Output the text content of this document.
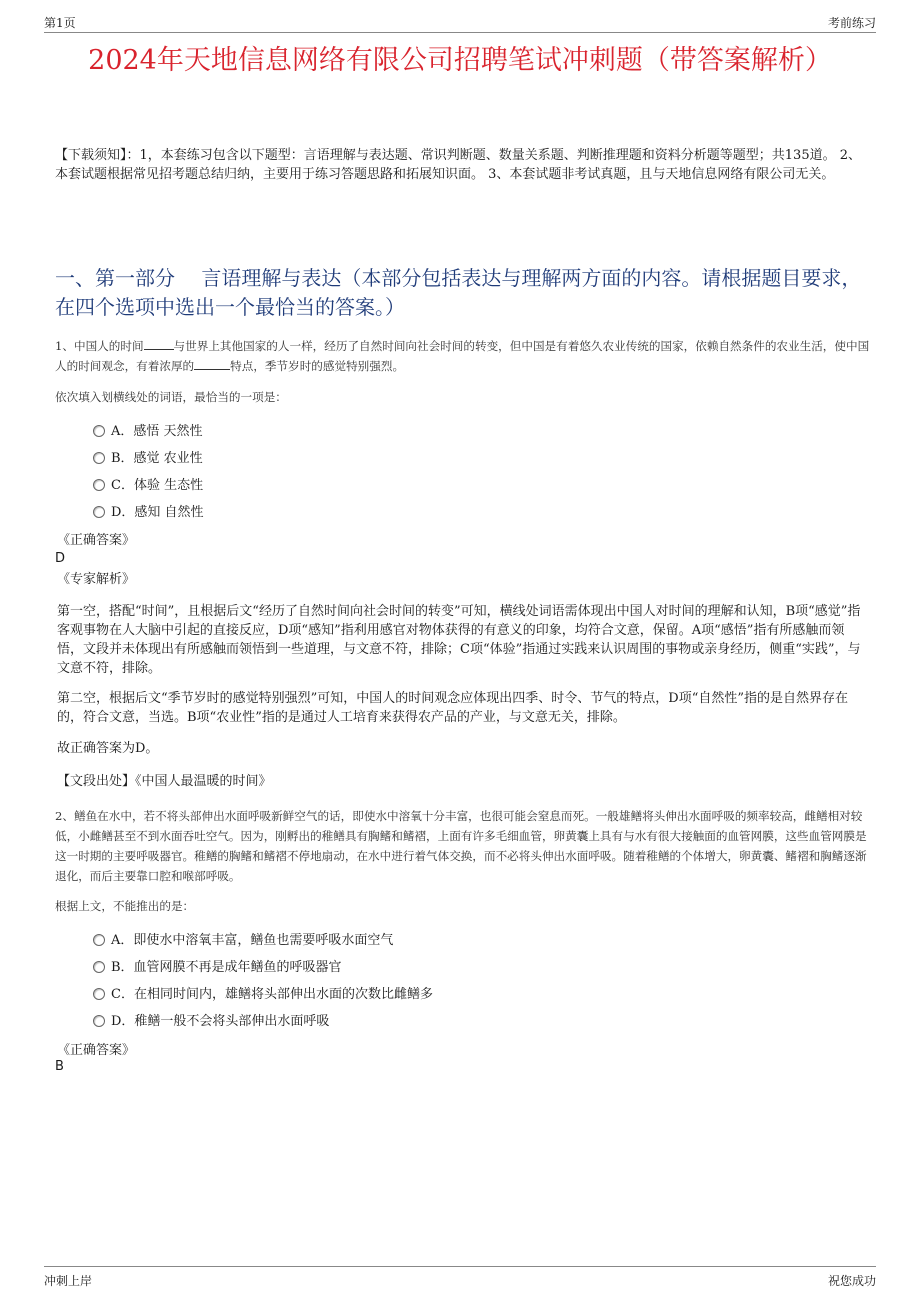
第1页	考前练习
2024年天地信息网络有限公司招聘笔试冲刺题（带答案解析）
【下载须知】：1，本套练习包含以下题型：言语理解与表达题、常识判断题、数量关系题、判断推理题和资料分析题等题型；共135道。 2、本套试题根据常见招考题总结归纳，主要用于练习答题思路和拓展知识面。 3、本套试题非考试真题，且与天地信息网络有限公司无关。
一、第一部分　 言语理解与表达（本部分包括表达与理解两方面的内容。请根据题目要求，在四个选项中选出一个最恰当的答案。）
1、中国人的时间	与世界上其他国家的人一样，经历了自然时间向社会时间的转变，但中国是有着悠久农业传统的国家，依赖自然条件的农业生活，使中国人的时间观念，有着浓厚的	特点，季节岁时的感觉特别强烈。
依次填入划横线处的词语，最恰当的一项是：
A．感悟 天然性
B．感觉 农业性
C．体验 生态性
D．感知 自然性
《正确答案》
D
《专家解析》
第一空，搭配“时间”，且根据后文“经历了自然时间向社会时间的转变”可知，横线处词语需体现出中国人对时间的理解和认知，B项“感觉”指客观事物在人大脑中引起的直接反应，D项“感知”指利用感官对物体获得的有意义的印象，均符合文意，保留。A项“感悟”指有所感触而领悟，文段并未体现出有所感触而领悟到一些道理，与文意不符，排除；C项“体验”指通过实践来认识周围的事物或亲身经历，侧重“实践”，与文意不符，排除。
第二空，根据后文“季节岁时的感觉特别强烈”可知，中国人的时间观念应体现出四季、时令、节气的特点，D项“自然性”指的是自然界存在的，符合文意，当选。B项“农业性”指的是通过人工培育来获得农产品的产业，与文意无关，排除。
故正确答案为D。
【文段出处】《中国人最温暖的时间》
2、鳝鱼在水中，若不将头部伸出水面呼吸新鲜空气的话，即使水中溶氧十分丰富，也很可能会窒息而死。一般雄鳝将头伸出水面呼吸的频率较高，雌鳝相对较低，小雌鳝甚至不到水面吞吐空气。因为，刚孵出的稚鳝具有胸鳍和鳍褶，上面有许多毛细血管，卵黄囊上具有与水有很大接触面的血管网膜，这些血管网膜是这一时期的主要呼吸器官。稚鳝的胸鳍和鳍褶不停地扇动，在水中进行着气体交换，而不必将头伸出水面呼吸。随着稚鳝的个体增大，卵黄囊、鳍褶和胸鳍逐渐退化，而后主要靠口腔和喉部呼吸。
根据上文，不能推出的是：
A．即使水中溶氧丰富，鳝鱼也需要呼吸水面空气
B．血管网膜不再是成年鳝鱼的呼吸器官
C．在相同时间内，雄鳝将头部伸出水面的次数比雌鳝多
D．稚鳝一般不会将头部伸出水面呼吸
《正确答案》
B
冲刺上岸	祝您成功
